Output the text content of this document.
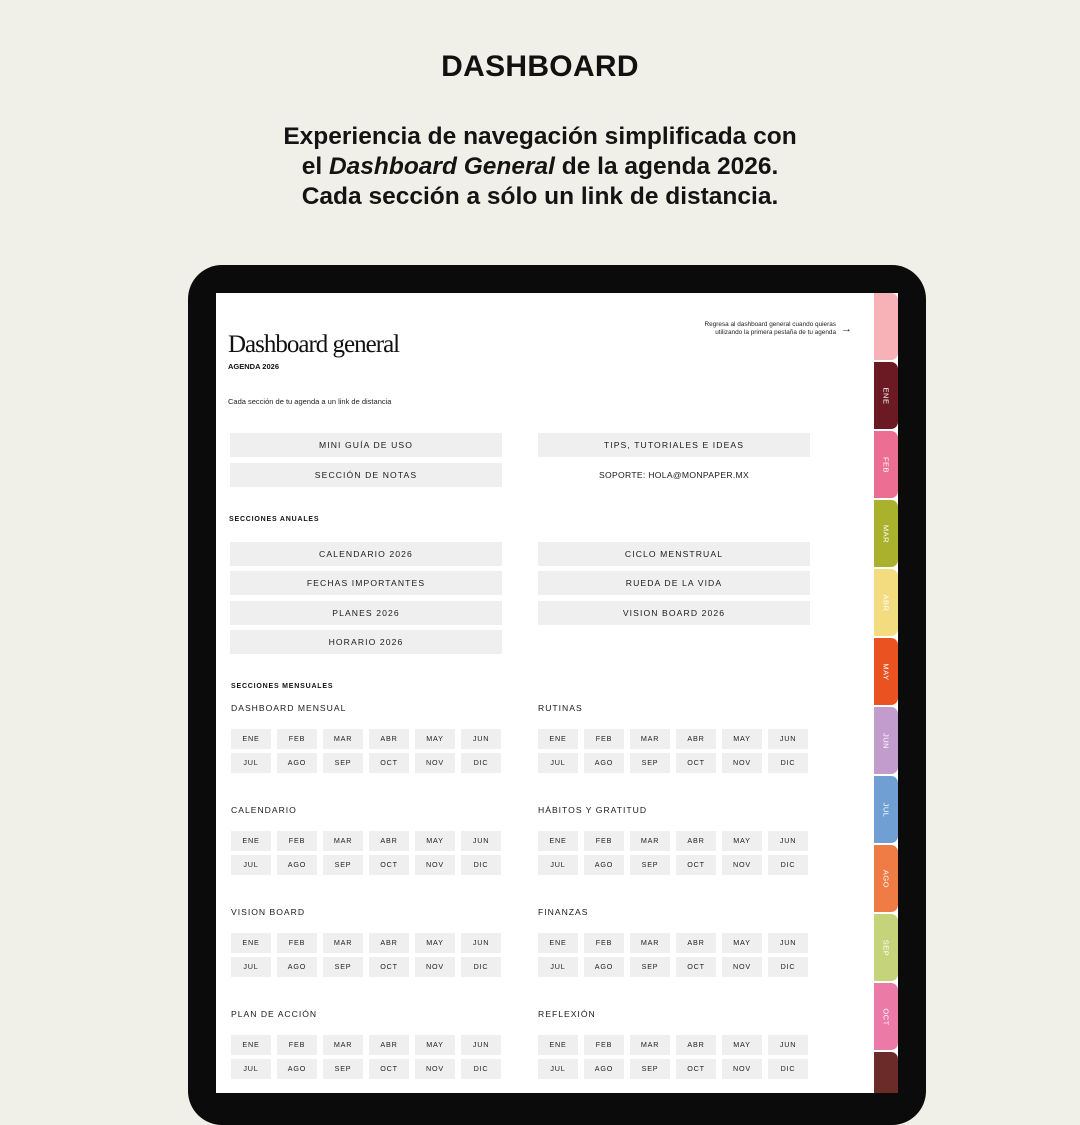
DASHBOARD
Experiencia de navegación simplificada con
el Dashboard General de la agenda 2026.
Cada sección a sólo un link de distancia.
Regresa al dashboard general cuando quieras
utilizando la primera pestaña de tu agenda →
Dashboard general
AGENDA 2026
Cada sección de tu agenda a un link de distancia
MINI GUÍA DE USO	TIPS, TUTORIALES E IDEAS
SECCIÓN DE NOTAS	SOPORTE: HOLA@MONPAPER.MX
SECCIONES ANUALES
CALENDARIO 2026
FECHAS IMPORTANTES
PLANES 2026
HORARIO 2026
CICLO MENSTRUAL
RUEDA DE LA VIDA
VISION BOARD 2026
SECCIONES MENSUALES
DASHBOARD MENSUAL
ENE	FEB	MAR	ABR	MAY	JUN
JUL	AGO	SEP	OCT	NOV	DIC
RUTINAS
ENE	FEB	MAR	ABR	MAY	JUN
JUL	AGO	SEP	OCT	NOV	DIC
CALENDARIO
ENE	FEB	MAR	ABR	MAY	JUN
JUL	AGO	SEP	OCT	NOV	DIC
HÁBITOS Y GRATITUD
ENE	FEB	MAR	ABR	MAY	JUN
JUL	AGO	SEP	OCT	NOV	DIC
VISION BOARD
ENE	FEB	MAR	ABR	MAY	JUN
JUL	AGO	SEP	OCT	NOV	DIC
FINANZAS
ENE	FEB	MAR	ABR	MAY	JUN
JUL	AGO	SEP	OCT	NOV	DIC
PLAN DE ACCIÓN
ENE	FEB	MAR	ABR	MAY	JUN
JUL	AGO	SEP	OCT	NOV	DIC
REFLEXIÓN
ENE	FEB	MAR	ABR	MAY	JUN
JUL	AGO	SEP	OCT	NOV	DIC
ENE
FEB
MAR
ABR
MAY
JUN
JUL
AGO
SEP
OCT
